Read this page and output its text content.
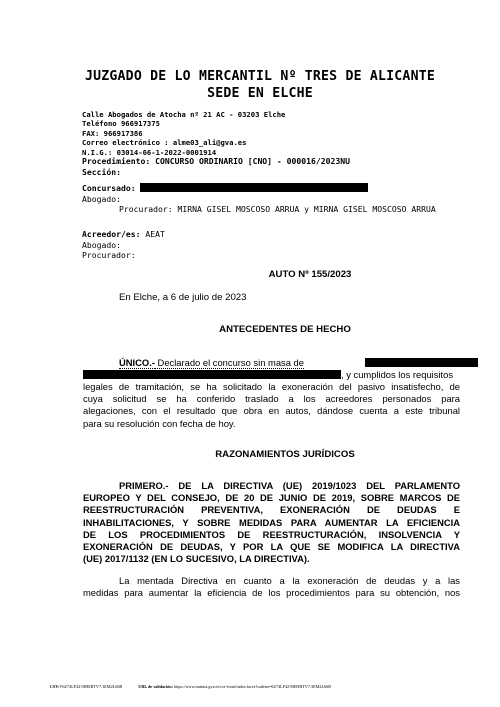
JUZGADO DE LO MERCANTIL Nº TRES DE ALICANTE
SEDE EN ELCHE
Calle Abogados de Atocha nº 21 AC - 03203 Elche
Teléfono 966917375
FAX: 966917386
Correo electrónico : alme03_ali@gva.es
N.I.G.: 03014-66-1-2022-0001914
Procedimiento: CONCURSO ORDINARIO [CNO] - 000016/2023NU
Sección:
Concursado:
Abogado:
Procurador: MIRNA GISEL MOSCOSO ARRUA y MIRNA GISEL MOSCOSO ARRUA
Acreedor/es: AEAT
Abogado:
Procurador:
AUTO Nº 155/2023
En Elche, a 6 de julio de 2023
ANTECEDENTES DE HECHO
ÚNICO.- Declarado el concurso sin masa de
, y cumplidos los requisitos
legales de tramitación, se ha solicitado la exoneración del pasivo insatisfecho, de
cuya solicitud se ha conferido traslado a los acreedores personados para
alegaciones, con el resultado que obra en autos, dándose cuenta a este tribunal
para su resolución con fecha de hoy.
RAZONAMIENTOS JURÍDICOS
PRIMERO.- DE LA DIRECTIVA (UE) 2019/1023 DEL PARLAMENTO
EUROPEO Y DEL CONSEJO, DE 20 DE JUNIO DE 2019, SOBRE MARCOS DE
REESTRUCTURACIÓN PREVENTIVA, EXONERACIÓN DE DEUDAS E
INHABILITACIONES, Y SOBRE MEDIDAS PARA AUMENTAR LA EFICIENCIA
DE LOS PROCEDIMIENTOS DE REESTRUCTURACIÓN, INSOLVENCIA Y
EXONERACIÓN DE DEUDAS, Y POR LA QUE SE MODIFICA LA DIRECTIVA
(UE) 2017/1132 (EN LO SUCESIVO, LA DIRECTIVA).
La mentada Directiva en cuanto a la exoneración de deudas y a las
medidas para aumentar la eficiencia de los procedimientos para su obtención, nos
CSV:Y6Z74LF42:9HEIBTV7:3EM2L66B	URL de validación: https://www.tramita.gva.es/csv-front/index.faces?cadena=6Z74LF42:9HEIBTV7:3EM2L66B
